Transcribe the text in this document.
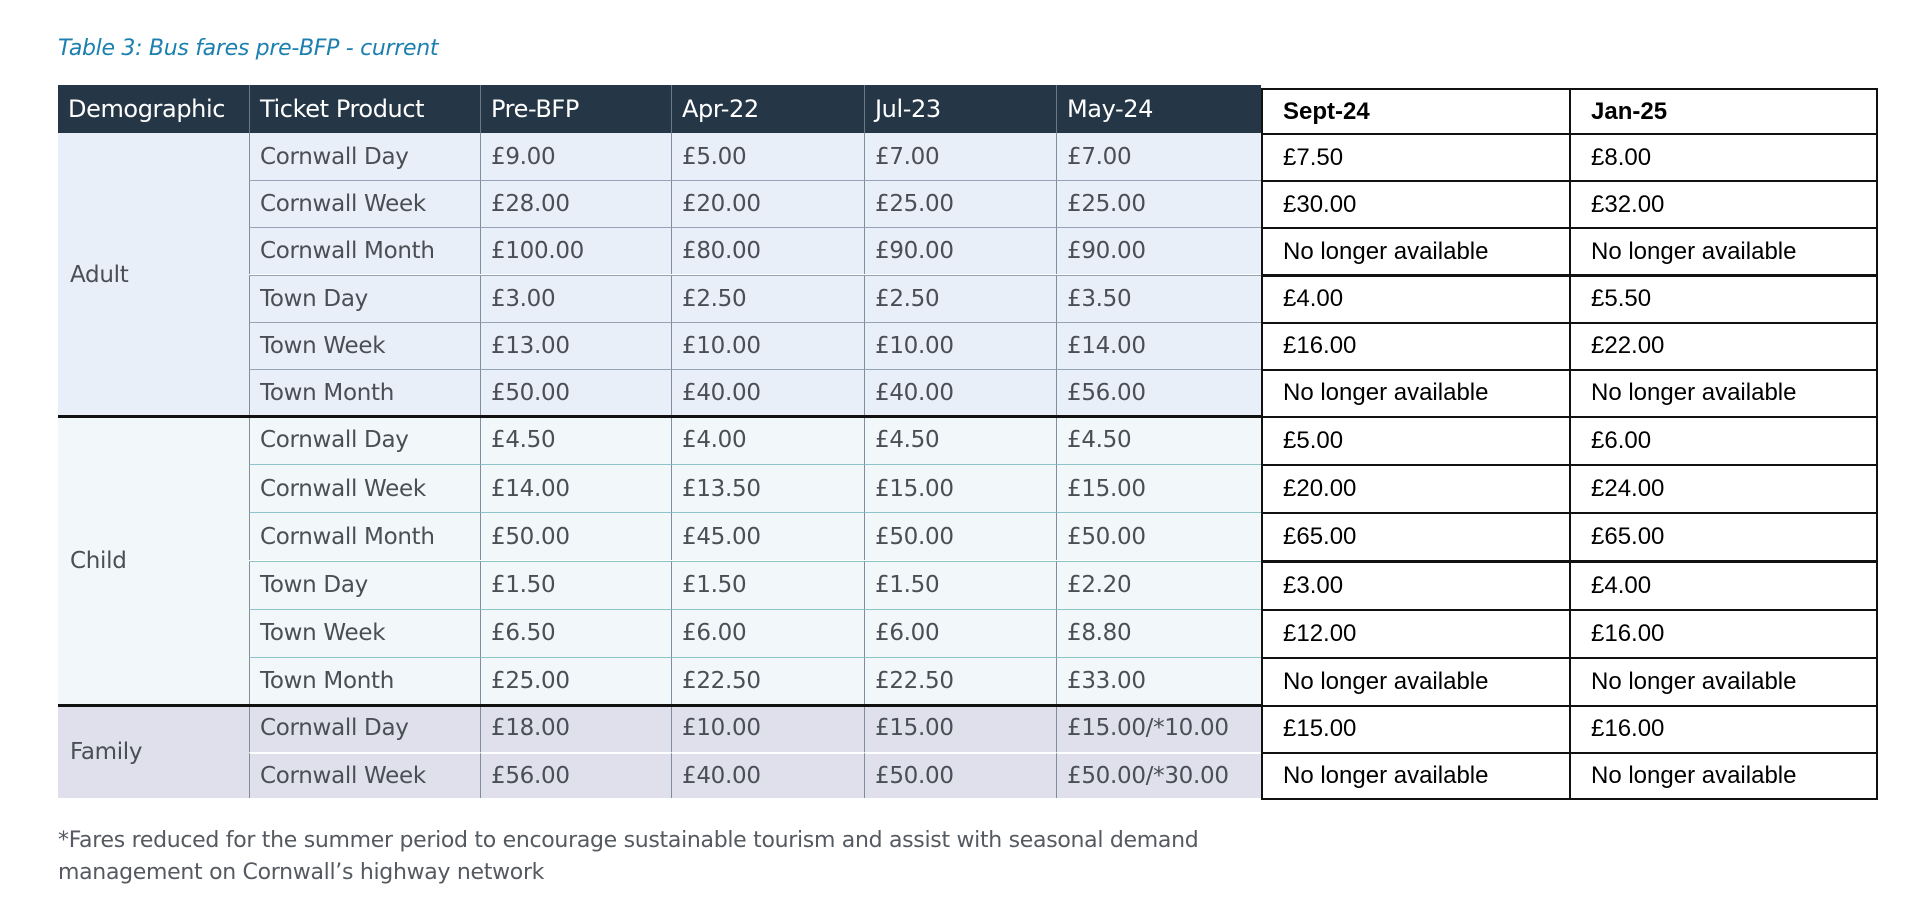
Table 3: Bus fares pre-BFP - current
Demographic	Ticket Product	Pre-BFP	Apr-22	Jul-23	May-24	Sept-24	Jan-25
Adult
Cornwall Day	£9.00	£5.00	£7.00	£7.00	£7.50	£8.00
Cornwall Week	£28.00	£20.00	£25.00	£25.00	£30.00	£32.00
Cornwall Month	£100.00	£80.00	£90.00	£90.00	No longer available	No longer available
Town Day	£3.00	£2.50	£2.50	£3.50	£4.00	£5.50
Town Week	£13.00	£10.00	£10.00	£14.00	£16.00	£22.00
Town Month	£50.00	£40.00	£40.00	£56.00	No longer available	No longer available
Child
Cornwall Day	£4.50	£4.00	£4.50	£4.50	£5.00	£6.00
Cornwall Week	£14.00	£13.50	£15.00	£15.00	£20.00	£24.00
Cornwall Month	£50.00	£45.00	£50.00	£50.00	£65.00	£65.00
Town Day	£1.50	£1.50	£1.50	£2.20	£3.00	£4.00
Town Week	£6.50	£6.00	£6.00	£8.80	£12.00	£16.00
Town Month	£25.00	£22.50	£22.50	£33.00	No longer available	No longer available
Family
Cornwall Day	£18.00	£10.00	£15.00	£15.00/*10.00	£15.00	£16.00
Cornwall Week	£56.00	£40.00	£50.00	£50.00/*30.00	No longer available	No longer available
*Fares reduced for the summer period to encourage sustainable tourism and assist with seasonal demand
management on Cornwall’s highway network
